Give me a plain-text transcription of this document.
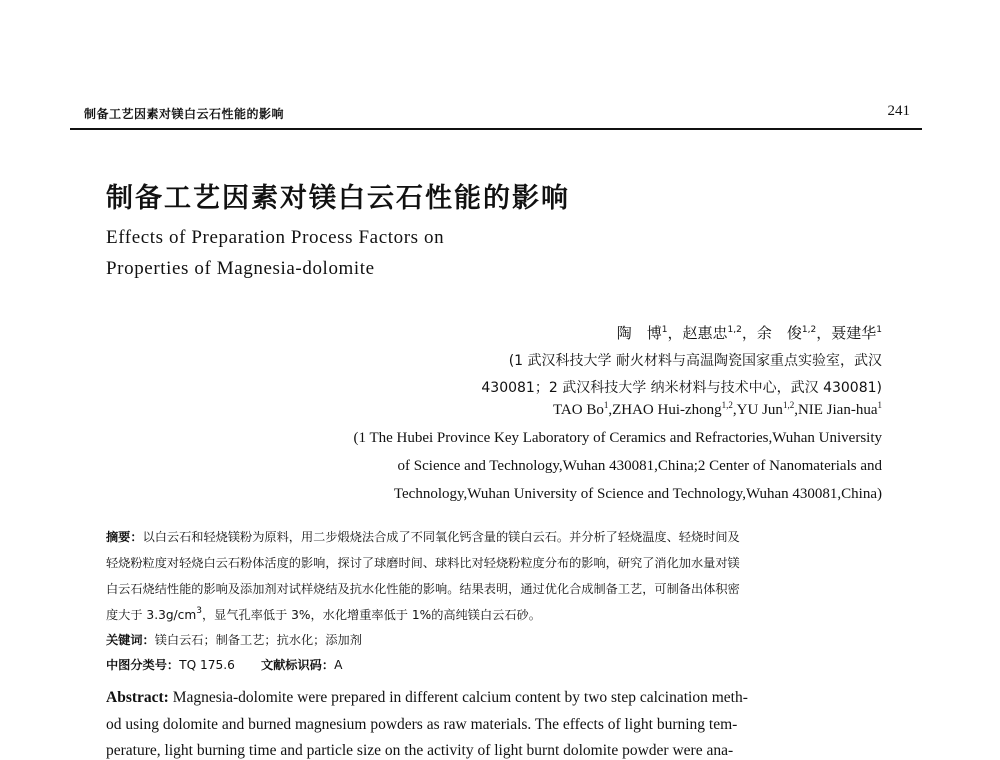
制备工艺因素对镁白云石性能的影响	241
制备工艺因素对镁白云石性能的影响
Effects of Preparation Process Factors on
Properties of Magnesia-dolomite
陶　博$^1$，赵惠忠$^{1,2}$，余　俊$^{1,2}$，聂建华$^1$
(1 武汉科技大学 耐火材料与高温陶瓷国家重点实验室，武汉
430081；2 武汉科技大学 纳米材料与技术中心，武汉 430081)
TAO Bo$^1$,ZHAO Hui-zhong$^{1,2}$,YU Jun$^{1,2}$,NIE Jian-hua$^1$
(1 The Hubei Province Key Laboratory of Ceramics and Refractories,Wuhan University
of Science and Technology,Wuhan 430081,China;2 Center of Nanomaterials and
Technology,Wuhan University of Science and Technology,Wuhan 430081,China)
摘要：以白云石和轻烧镁粉为原料，用二步煅烧法合成了不同氧化钙含量的镁白云石。并分析了轻烧温度、轻烧时间及
轻烧粉粒度对轻烧白云石粉体活度的影响，探讨了球磨时间、球料比对轻烧粉粒度分布的影响，研究了消化加水量对镁
白云石烧结性能的影响及添加剂对试样烧结及抗水化性能的影响。结果表明，通过优化合成制备工艺，可制备出体积密
度大于 $3.3g/cm^3$，显气孔率低于 3%，水化增重率低于 1%的高纯镁白云石砂。
关键词：镁白云石；制备工艺；抗水化；添加剂
中图分类号：TQ 175.6 文献标识码：A
Abstract: Magnesia-dolomite were prepared in different calcium content by two step calcination meth-
od using dolomite and burned magnesium powders as raw materials. The effects of light burning tem-
perature, light burning time and particle size on the activity of light burnt dolomite powder were ana-
